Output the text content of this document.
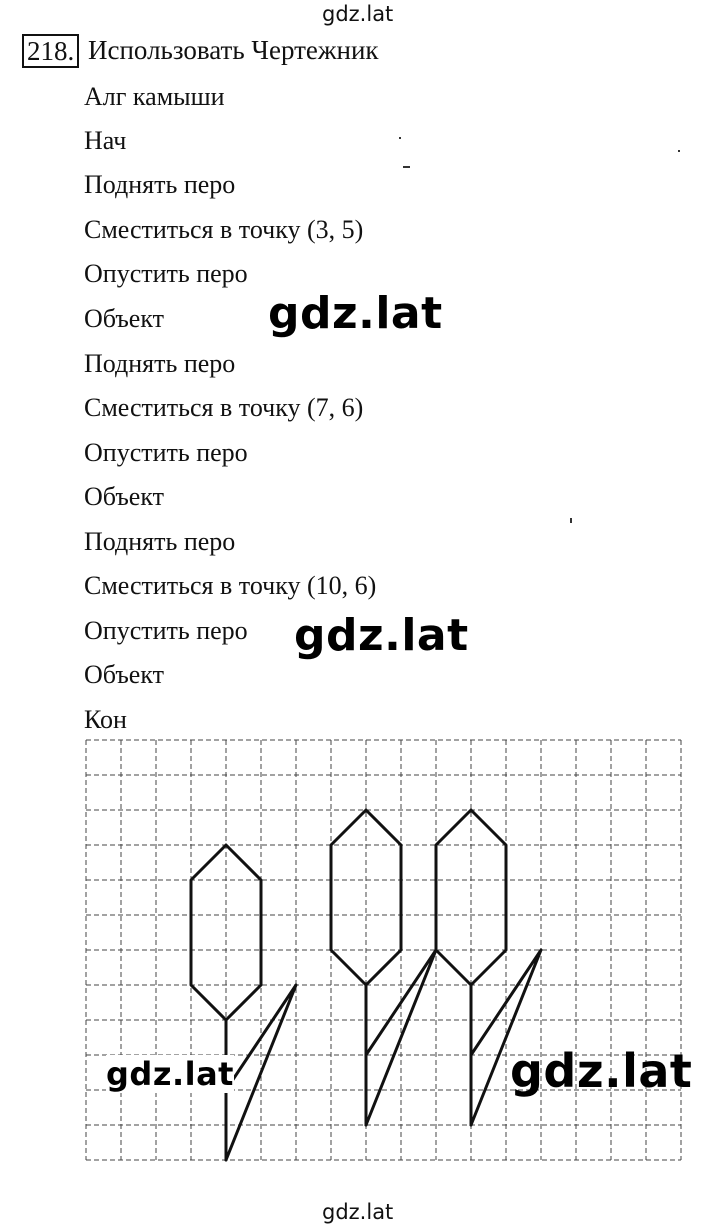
gdz.lat
gdz.lat
gdz.lat
gdz.lat
218. Использовать Чертежник
Алг камыши
Нач
Поднять перо
Сместиться в точку (3, 5)
Опустить перо
Объект
Поднять перо
Сместиться в точку (7, 6)
Опустить перо
Объект
Поднять перо
Сместиться в точку (10, 6)
Опустить перо
Объект
Кон
gdz.lat	gdz.lat
